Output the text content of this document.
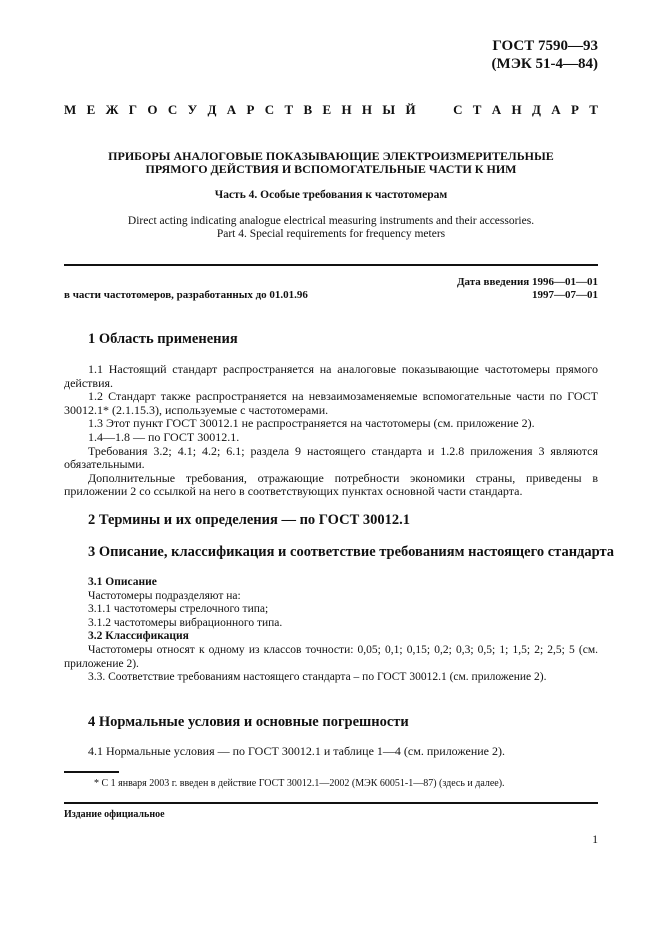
ГОСТ 7590—93
(МЭК 51-4—84)
М Е Ж Г О С У Д А Р С Т В Е Н Н Ы Й

	С Т А Н Д А Р Т
ПРИБОРЫ АНАЛОГОВЫЕ ПОКАЗЫВАЮЩИЕ ЭЛЕКТРОИЗМЕРИТЕЛЬНЫЕ
ПРЯМОГО ДЕЙСТВИЯ И ВСПОМОГАТЕЛЬНЫЕ ЧАСТИ К НИМ
Часть 4. Особые требования к частотомерам
Direct acting indicating analogue electrical measuring instruments and their accessories.
Part 4. Special requirements for frequency meters
Дата введения 1996—01—01
1997—07—01
в части частотомеров, разработанных до 01.01.96
1 Область применения

1.1 Настоящий стандарт распространяется на аналоговые показывающие частотомеры прямого действия.

1.2 Стандарт также распространяется на невзаимозаменяемые вспомогательные части по ГОСТ 30012.1* (2.1.15.3), используемые с частотомерами.

1.3 Этот пункт ГОСТ 30012.1 не распространяется на частотомеры (см. приложение 2).

1.4—1.8 — по ГОСТ 30012.1.

Требования 3.2; 4.1; 4.2; 6.1; раздела 9 настоящего стандарта и 1.2.8 приложения 3 являются обязательными.

Дополнительные требования, отражающие потребности экономики страны, приведены в приложении 2 со ссылкой на него в соответствующих пунктах основной части стандарта.

2 Термины и их определения — по ГОСТ 30012.1
3 Описание, классификация и соответствие требованиям настоящего стандарта

3.1 Описание

Частотомеры подразделяют на:

3.1.1 частотомеры стрелочного типа;

3.1.2 частотомеры вибрационного типа.

3.2 Классификация

Частотомеры относят к одному из классов точности: 0,05; 0,1; 0,15; 0,2; 0,3; 0,5; 1; 1,5; 2; 2,5; 5 (см. приложение 2).

3.3. Соответствие требованиям настоящего стандарта – по ГОСТ 30012.1 (см. приложение 2).

4 Нормальные условия и основные погрешности

4.1 Нормальные условия — по ГОСТ 30012.1 и таблице 1—4 (см. приложение 2).

* С 1 января 2003 г. введен в действие ГОСТ 30012.1—2002 (МЭК 60051-1—87) (здесь и далее).
Издание официальное
1
